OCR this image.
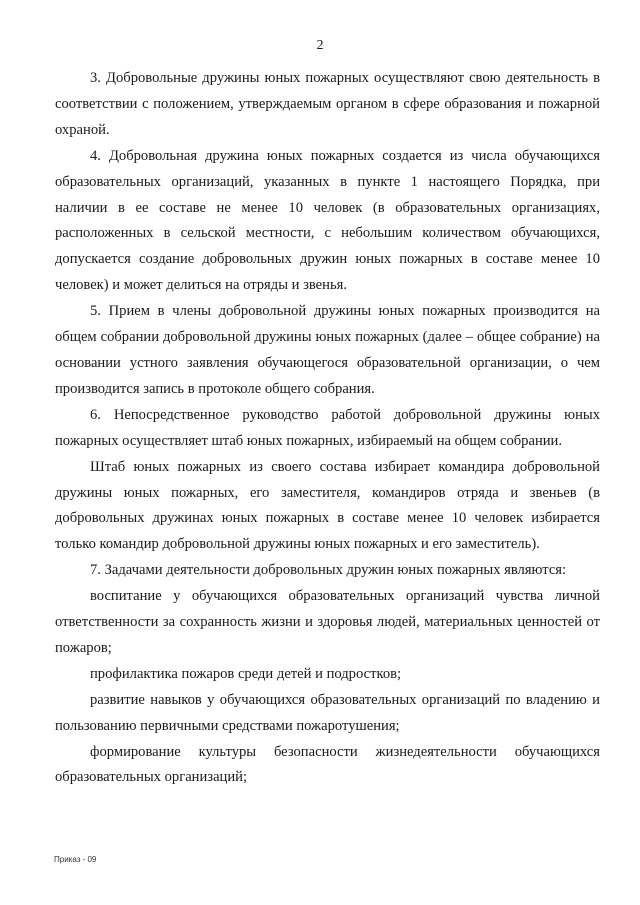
2

3. Добровольные дружины юных пожарных осуществляют свою деятельность в соответствии с положением, утверждаемым органом в сфере образования и пожарной охраной.

4. Добровольная дружина юных пожарных создается из числа обучающихся образовательных организаций, указанных в пункте 1 настоящего Порядка, при наличии в ее составе не менее 10 человек (в образовательных организациях, расположенных в сельской местности, с небольшим количеством обучающихся, допускается создание добровольных дружин юных пожарных в составе менее 10 человек) и может делиться на отряды и звенья.

5. Прием в члены добровольной дружины юных пожарных производится на общем собрании добровольной дружины юных пожарных (далее – общее собрание) на основании устного заявления обучающегося образовательной организации, о чем производится запись в протоколе общего собрания.

6. Непосредственное руководство работой добровольной дружины юных пожарных осуществляет штаб юных пожарных, избираемый на общем собрании.

Штаб юных пожарных из своего состава избирает командира добровольной дружины юных пожарных, его заместителя, командиров отряда и звеньев (в добровольных дружинах юных пожарных в составе менее 10 человек избирается только командир добровольной дружины юных пожарных и его заместитель).

7. Задачами деятельности добровольных дружин юных пожарных являются:

воспитание у обучающихся образовательных организаций чувства личной ответственности за сохранность жизни и здоровья людей, материальных ценностей от пожаров;

профилактика пожаров среди детей и подростков;

развитие навыков у обучающихся образовательных организаций по владению и пользованию первичными средствами пожаротушения;

формирование культуры безопасности жизнедеятельности обучающихся образовательных организаций;

Приказ - 09
